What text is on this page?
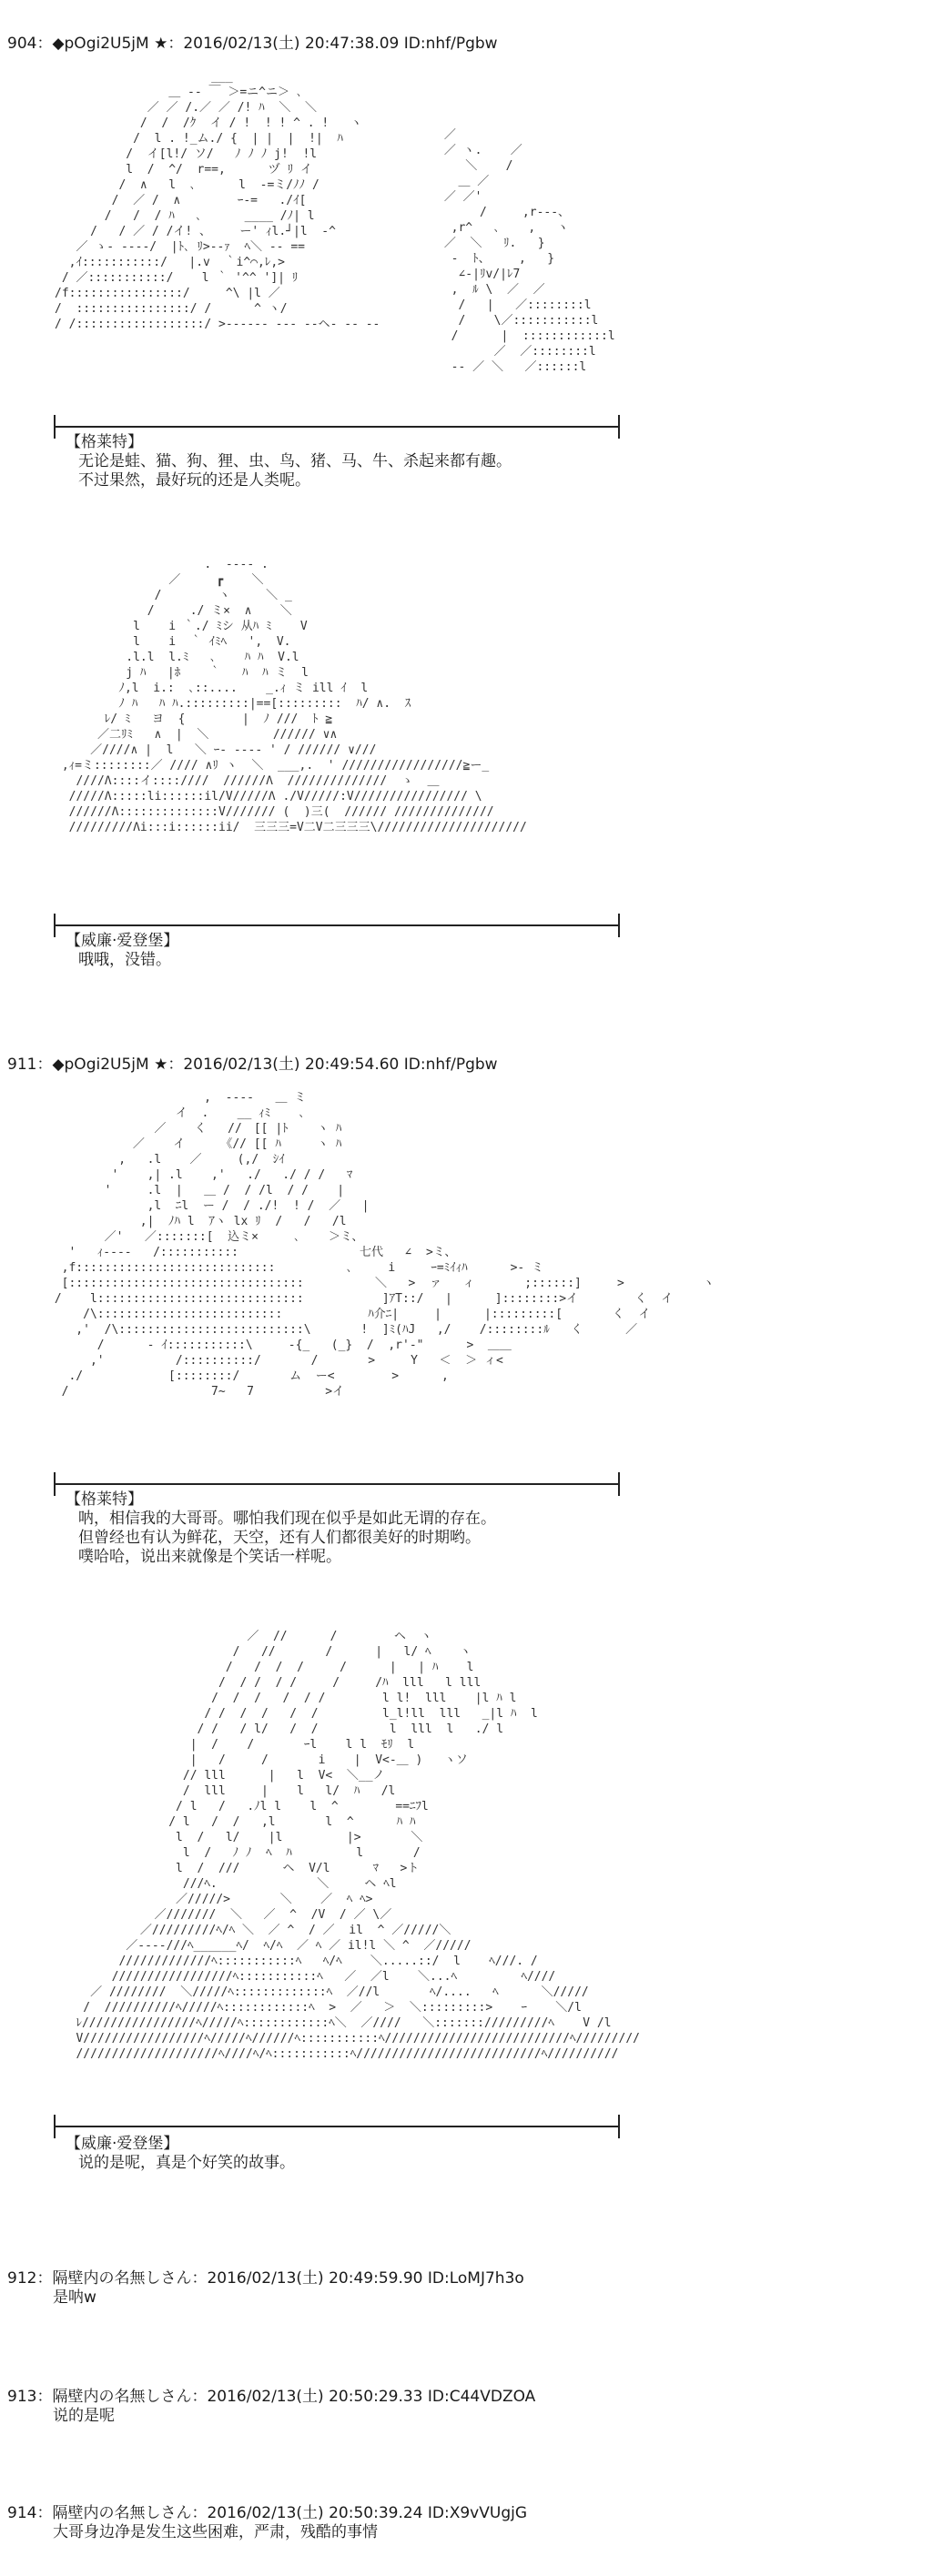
904：◆pOgi2U5jM ★：2016/02/13(土) 20:47:38.09 ID:nhf/Pgbw
___
＿ -‐ ￣ ＞=ニ^ニ＞ ､
／ ／ /.／ ／ /! ﾊ  ＼  ＼
/  /  /ｸ  イ / !  ! ! ^ . !   ヽ
/  l . !_ム./ {  | |  |  !|  ﾊ
/  イ[l!/ ソ/   ﾉ ﾉ ﾉ j!  !l
l  /  ^/  r==,      ヅ ﾘ イ
/  ∧   l  ､      l  -=ミ/ﾉﾉ /
/  ／ /  ∧        ｰ-=   ./ｲ[
/   /  / ﾊ   ､      ____ /ﾉ| l
/   / ／ / /イ! 、    ー' ｨl.┘|l  -^
／ ゝ‐ ‐--‐/  |ﾄ､ ﾘ>-‐ｧ  ﾍ＼ -‐ ==
,ｲ:::::::::::/   |.v  ｀i^⌒,ﾚ,>
/ ／:::::::::::/    l ｀ '^^ ']| ﾘ
/f::::::::::::::::/     ^\ |l ／
/  ::::::::::::::::/ /      ^ ヽ/
/ /::::::::::::::::::/ >‐‐‐‐‐‐ ‐‐‐ ‐‐ヘ‐ ‐‐ ‐‐
／
／ ヽ.    ／
＼    /
＿ ／
／ ／'
/     ,r-‐-、
,r^   ､    ,   ヽ
／  ＼   ﾘ.   }
‐  ﾄ、    ,   }
∠-|ﾘv/|ﾚ7
,  ﾙ \  ／  ／
/   |   ／::::::::l
/    \／:::::::::::l
/      |  ::::::::::::l
／  ／::::::::l
‐‐ ／ ＼   ／::::::l
【格莱特】
无论是蛙、猫、狗、狸、虫、鸟、猪、马、牛、杀起来都有趣。
不过果然，最好玩的还是人类呢。
.  -‐‐- .
／     ┏    ＼
/        ヽ     ＼ _
/     ./ ミ×  ∧    ＼
l    i ｀./ ﾐシ 从ﾊ ﾐ    V
l    i  ｀ ｲﾐﾍ   ',  V.
.l.l  l.ﾐ   ､    ﾊ ﾊ  V.l
j ﾊ   |ﾎ    ｀   ﾊ  ﾊ ミ  l
ﾉ,l  i.:  ､::....    _.ｨ ミ ill ｲ  l
ﾉ ﾊ   ﾊ ﾊ.:::::::::|==[:::::::::  ﾊ/ ∧.  ｽ
ﾚ/ ﾐ   ヨ  {        |  ﾉ ///  ﾄ ≧
／二ﾘﾐ   ∧  |  ＼         ////// ∨∧
／////∧ |  l   ＼ ｰ‐ ‐‐‐‐ ' / ////// ∨///
,ｨ=ミ::::::::／ //// ∧ﾘ ヽ  ＼  ___,.  ' /////////////////≧ー_
////Λ::::イ::::////  //////Λ  //////////////  ゝ  ＿
/////Λ:::::li::::::il/V/////Λ ./V/////:V//////////////// \
//////Λ::::::::::::::V/////// (  )三(  ////// //////////////
/////////Λi:::i::::::ii/  三三三=V二V二三三三\/////////////////////
【威廉·爱登堡】
哦哦，没错。
911：◆pOgi2U5jM ★：2016/02/13(土) 20:49:54.60 ID:nhf/Pgbw
,  -‐‐‐   ＿ ミ
イ  .    __ ｨﾐ    ､
／    く   //　[[ |ﾄ    ヽ ﾊ
／    イ     《// [[ ﾊ     ヽ ﾊ
,   .l    ／     (,/  ｼｲ
'    ,| .l    ,'   ./   ./ / /   ﾏ
'     .l  |   ＿ /  / /l  / /    |
,l  ﾆl  ー /  / ./!  ! /  ／   |
,|  ﾉﾊ l  ｱヽ lx ﾘ  /   /   /l
／'   ／:::::::[  込ミ×     ､    ＞ミ、
'   ｨ‐‐‐‐   /:::::::::::                 七代   ∠  >ミ、
,f::::::::::::::::::::::::::::          ､     i     ｰ=ﾐｲｨﾊ      >‐ ミ
[:::::::::::::::::::::::::::::::::          ＼   >  ァ   ィ       ;::::::]     >           ヽ
/    l:::::::::::::::::::::::::::::           ]ｱT::/   |      ]::::::::>イ        く  イ
/\::::::::::::::::::::::::::            ﾊ介ﾆ|     |      |:::::::::[       く  イ
,'  /\::::::::::::::::::::::::::\       !  ]ﾐ(ﾊJ   ,/    /::::::::ﾙ   く      ／
/      ‐ ｲ:::::::::::\     ‐{_   (_}  /  ,r'‐"      >  ＿＿
,'          /::::::::::/       /       >     Y   ＜  ＞ ィ<
./            [::::::::/       ム  ー<        >      ,
/                    7~   7          >イ
【格莱特】
呐，相信我的大哥哥。哪怕我们现在似乎是如此无谓的存在。
但曾经也有认为鲜花，天空，还有人们都很美好的时期哟。
噗哈哈，说出来就像是个笑话一样呢。
／  //      /        ヘ  ヽ
/   //       /      |   l/ ﾍ    ヽ
/   /  /  /     /      |   | ﾊ    l
/  / /  / /     /     /ﾊ  lll   l lll
/  /  /   /  / /        l l!  lll    |l ﾊ l
/ /  /  /   /  /         l_l!ll  lll   _|l ﾊ  l
/ /   / l/   /  /          l  lll  l   ./ l
|  /    /       ｰl    l l  ﾓﾘ  l
|   /     /       i    |  V<‐＿ )   ヽソ
// lll      |   l  V<  ＼__ノ
/  lll     |    l   l/  ﾊ   /l
/ l   /   .ﾉl l    l  ^        ==ﾆﾌl
/ l   /  /   ,l       l  ^      ﾊ ﾊ
l  /   l/    |l         |>       ＼
l  /   ﾉ ﾉ  ﾍ  ﾊ         l       /
l  /  ///      ヘ  V/l      ﾏ   >ト
///ﾍ.              ＼     ヘ ﾍl
／/////>       ＼    ／  ﾍ ﾍ>
／///////  ＼   ／  ^  /V  / ／ \／
／/////////ﾍ/ﾍ ＼  ／ ^  / ／  il  ^ ／/////＼
／‐‐‐‐///ﾍ______ﾍ/  ﾍ/ﾍ  ／ ﾍ ／ il!l ＼ ^  ／/////
/////////////ﾍ:::::::::::ﾍ   ﾍ/ﾍ    ＼.....::/  l    ﾍ///. /
/////////////////ﾍ:::::::::::ﾍ   ／  ／l    ＼...ﾍ         ﾍ////
／ ////////  ＼/////ﾍ:::::::::::::ﾍ  ／//l       ﾍ/....   ﾍ      ＼/////
/  //////////ﾍ/////ﾍ::::::::::::ﾍ  >  ／   ＞  ＼:::::::::>    ｰ    ＼/l
ﾚ////////////////ﾍ/////ﾍ::::::::::::ﾍ＼  ／////   ＼::::::://///////ﾍ    V /l
V/////////////////ﾍ/////ﾍ//////ﾍ:::::::::::ﾍ//////////////////////////ﾍ/////////
////////////////////ﾍ////ﾍ/ﾍ:::::::::::ﾍ//////////////////////////ﾍ//////////
【威廉·爱登堡】
说的是呢，真是个好笑的故事。
912：隔壁内の名無しさん：2016/02/13(土) 20:49:59.90 ID:LoMJ7h3o
是呐w
913：隔壁内の名無しさん：2016/02/13(土) 20:50:29.33 ID:C44VDZOA
说的是呢
914：隔壁内の名無しさん：2016/02/13(土) 20:50:39.24 ID:X9vVUgjG
大哥身边净是发生这些困难，严肃，残酷的事情
